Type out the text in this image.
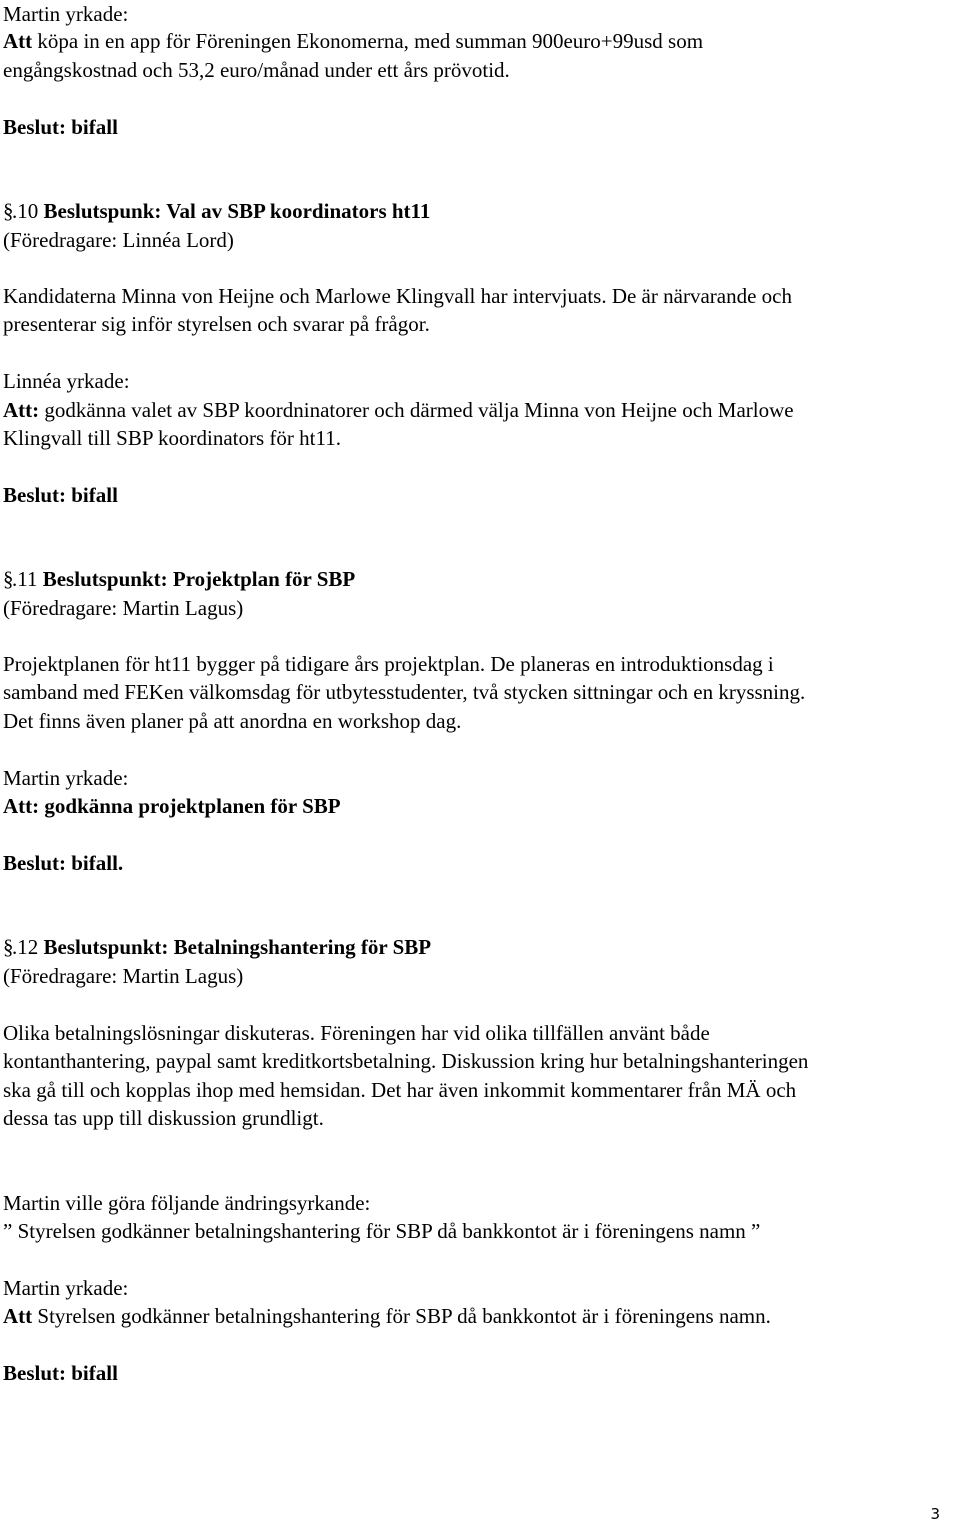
Martin yrkade:
Att köpa in en app för Föreningen Ekonomerna, med summan 900euro+99usd som
engångskostnad och 53,2 euro/månad under ett års prövotid.
Beslut: bifall
§.10 Beslutspunk: Val av SBP koordinators ht11
(Föredragare: Linnéa Lord)
Kandidaterna Minna von Heijne och Marlowe Klingvall har intervjuats. De är närvarande och
presenterar sig inför styrelsen och svarar på frågor.
Linnéa yrkade:
Att: godkänna valet av SBP koordninatorer och därmed välja Minna von Heijne och Marlowe
Klingvall till SBP koordinators för ht11.
Beslut: bifall
§.11 Beslutspunkt: Projektplan för SBP
(Föredragare: Martin Lagus)
Projektplanen för ht11 bygger på tidigare års projektplan. De planeras en introduktionsdag i
samband med FEKen välkomsdag för utbytesstudenter, två stycken sittningar och en kryssning.
Det finns även planer på att anordna en workshop dag.
Martin yrkade:
Att: godkänna projektplanen för SBP
Beslut: bifall.
§.12 Beslutspunkt: Betalningshantering för SBP
(Föredragare: Martin Lagus)
Olika betalningslösningar diskuteras. Föreningen har vid olika tillfällen använt både
kontanthantering, paypal samt kreditkortsbetalning. Diskussion kring hur betalningshanteringen
ska gå till och kopplas ihop med hemsidan. Det har även inkommit kommentarer från MÄ och
dessa tas upp till diskussion grundligt.
Martin ville göra följande ändringsyrkande:
” Styrelsen godkänner betalningshantering för SBP då bankkontot är i föreningens namn ”
Martin yrkade:
Att Styrelsen godkänner betalningshantering för SBP då bankkontot är i föreningens namn.
Beslut: bifall
3
